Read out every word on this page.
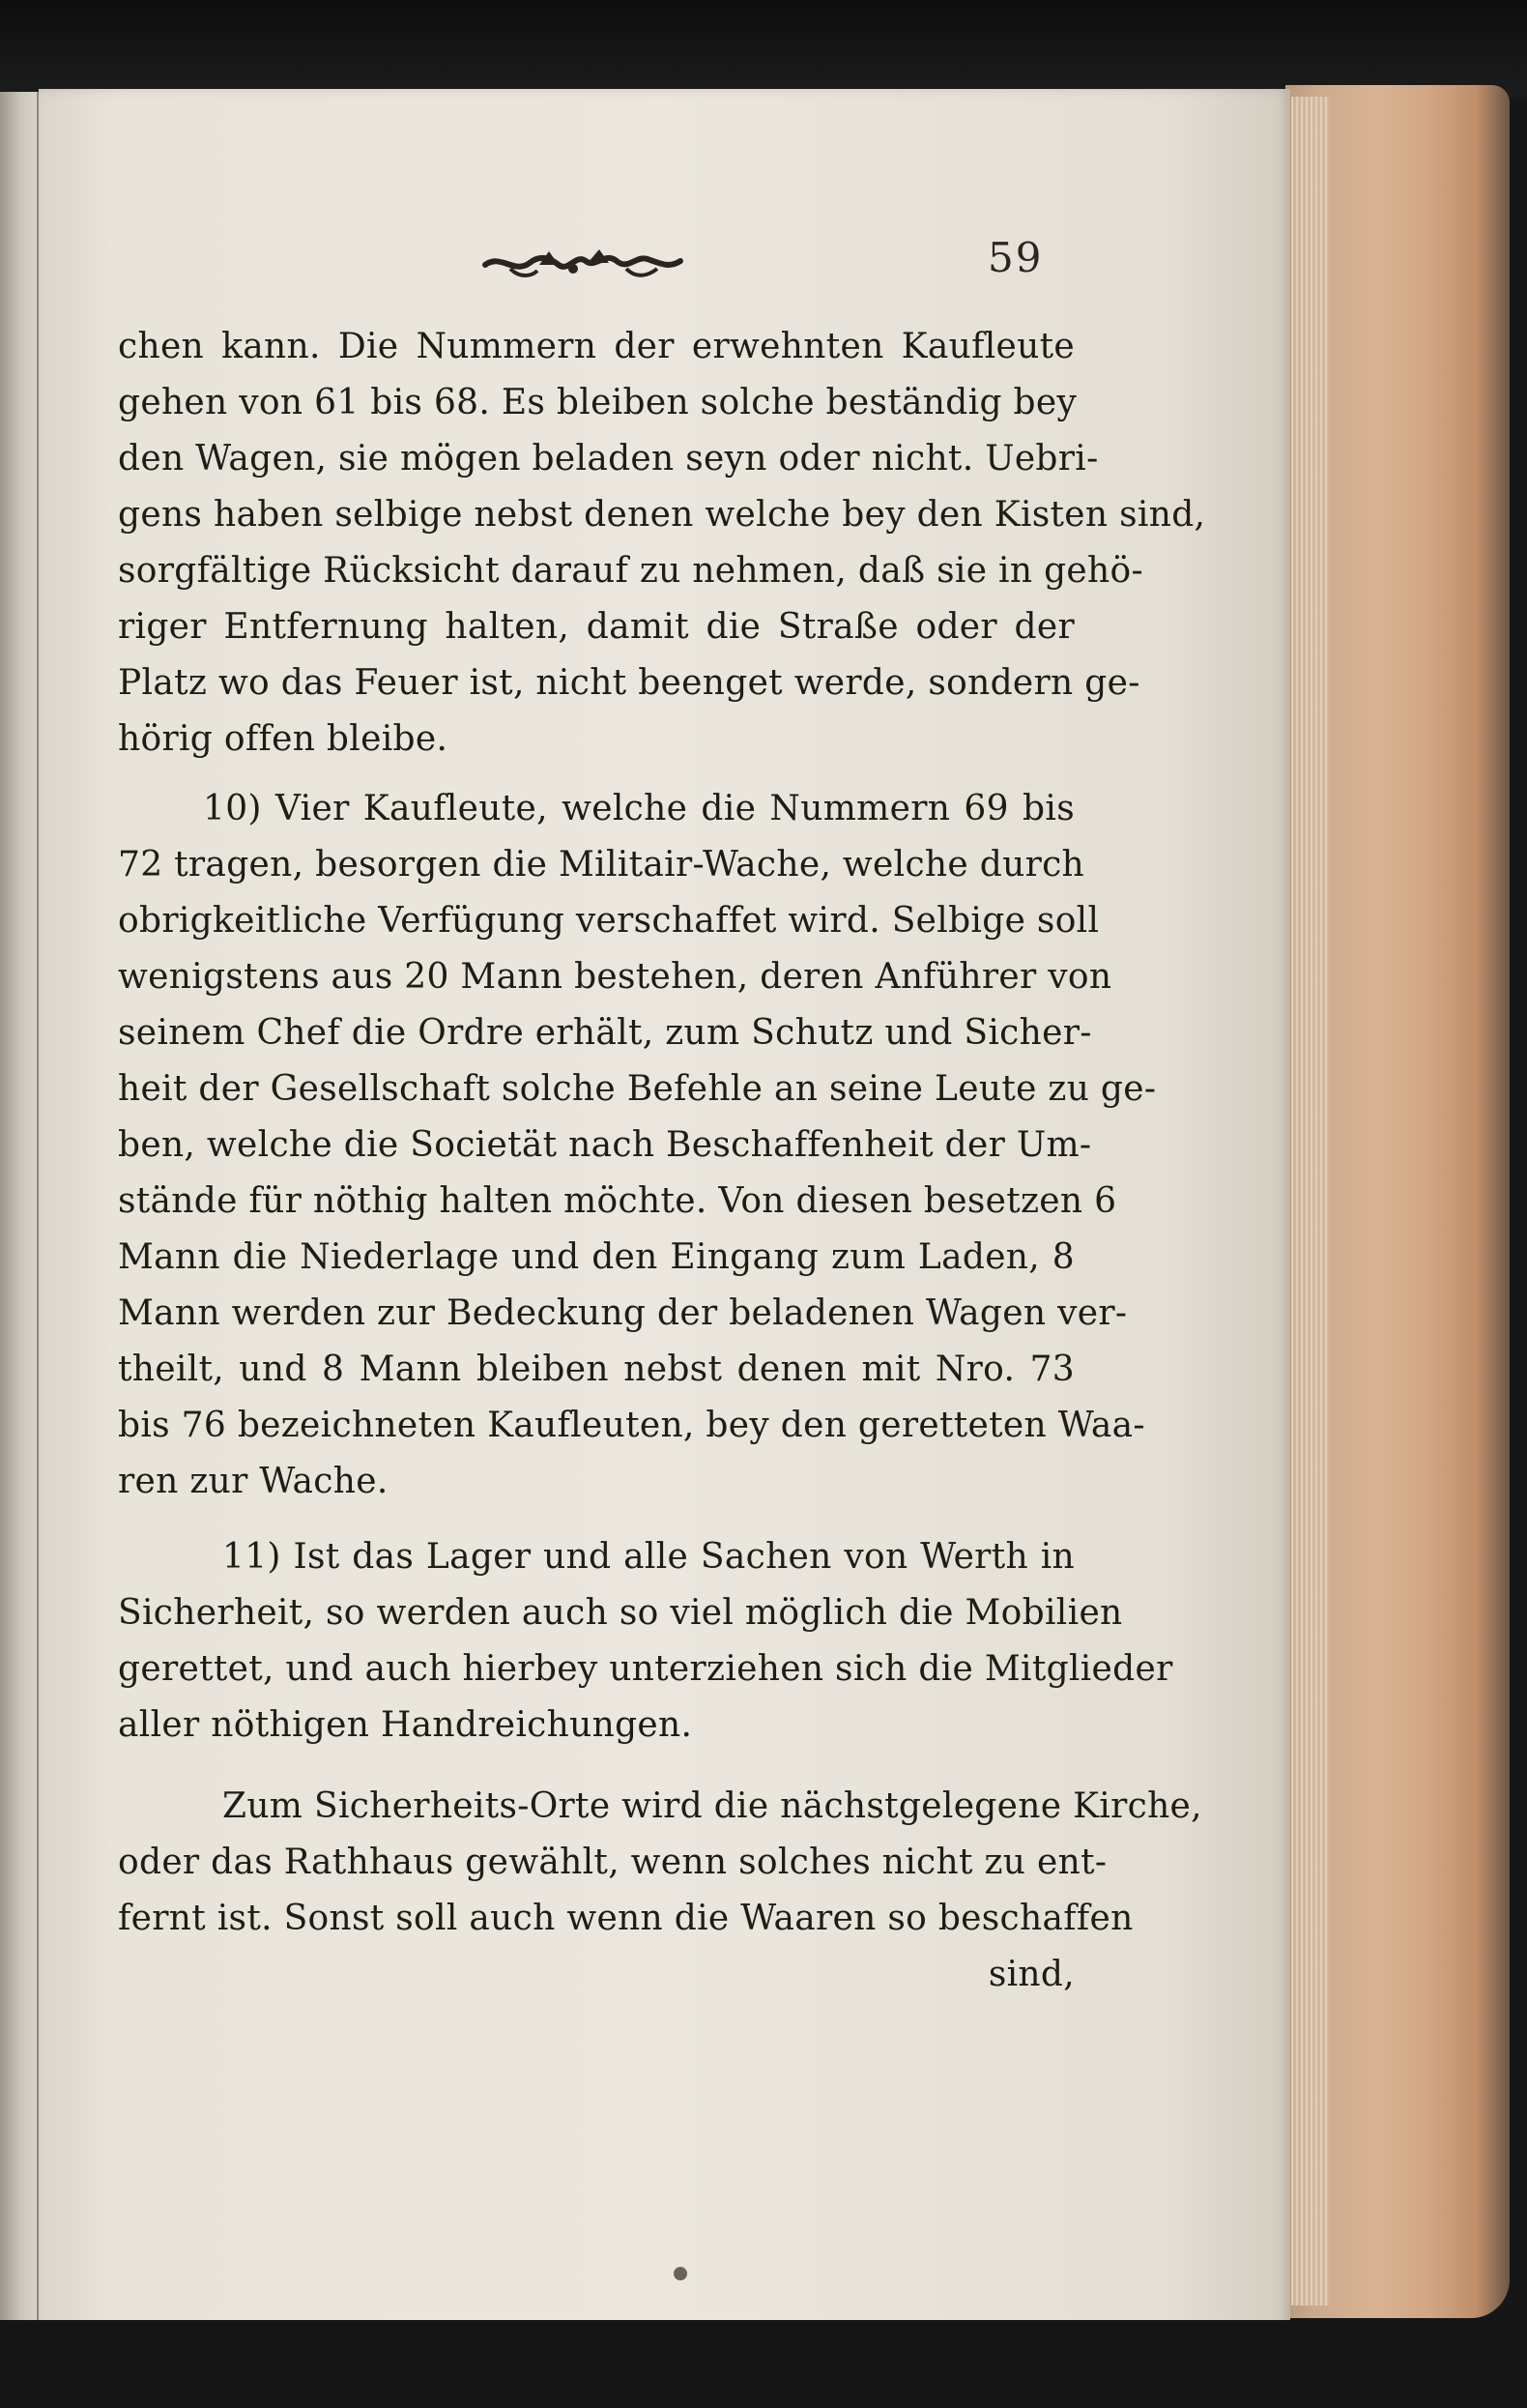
59
chen kann. Die Nummern der erwehnten Kaufleute
gehen von 61 bis 68. Es bleiben solche beständig bey
den Wagen, sie mögen beladen seyn oder nicht. Uebri-
gens haben selbige nebst denen welche bey den Kisten sind,
sorgfältige Rücksicht darauf zu nehmen, daß sie in gehö-
riger Entfernung halten, damit die Straße oder der
Platz wo das Feuer ist, nicht beenget werde, sondern ge-
hörig offen bleibe.
10) Vier Kaufleute, welche die Nummern 69 bis
72 tragen, besorgen die Militair-Wache, welche durch
obrigkeitliche Verfügung verschaffet wird. Selbige soll
wenigstens aus 20 Mann bestehen, deren Anführer von
seinem Chef die Ordre erhält, zum Schutz und Sicher-
heit der Gesellschaft solche Befehle an seine Leute zu ge-
ben, welche die Societät nach Beschaffenheit der Um-
stände für nöthig halten möchte. Von diesen besetzen 6
Mann die Niederlage und den Eingang zum Laden, 8
Mann werden zur Bedeckung der beladenen Wagen ver-
theilt, und 8 Mann bleiben nebst denen mit Nro. 73
bis 76 bezeichneten Kaufleuten, bey den geretteten Waa-
ren zur Wache.
11) Ist das Lager und alle Sachen von Werth in
Sicherheit, so werden auch so viel möglich die Mobilien
gerettet, und auch hierbey unterziehen sich die Mitglieder
aller nöthigen Handreichungen.
Zum Sicherheits-Orte wird die nächstgelegene Kirche,
oder das Rathhaus gewählt, wenn solches nicht zu ent-
fernt ist. Sonst soll auch wenn die Waaren so beschaffen
sind,
